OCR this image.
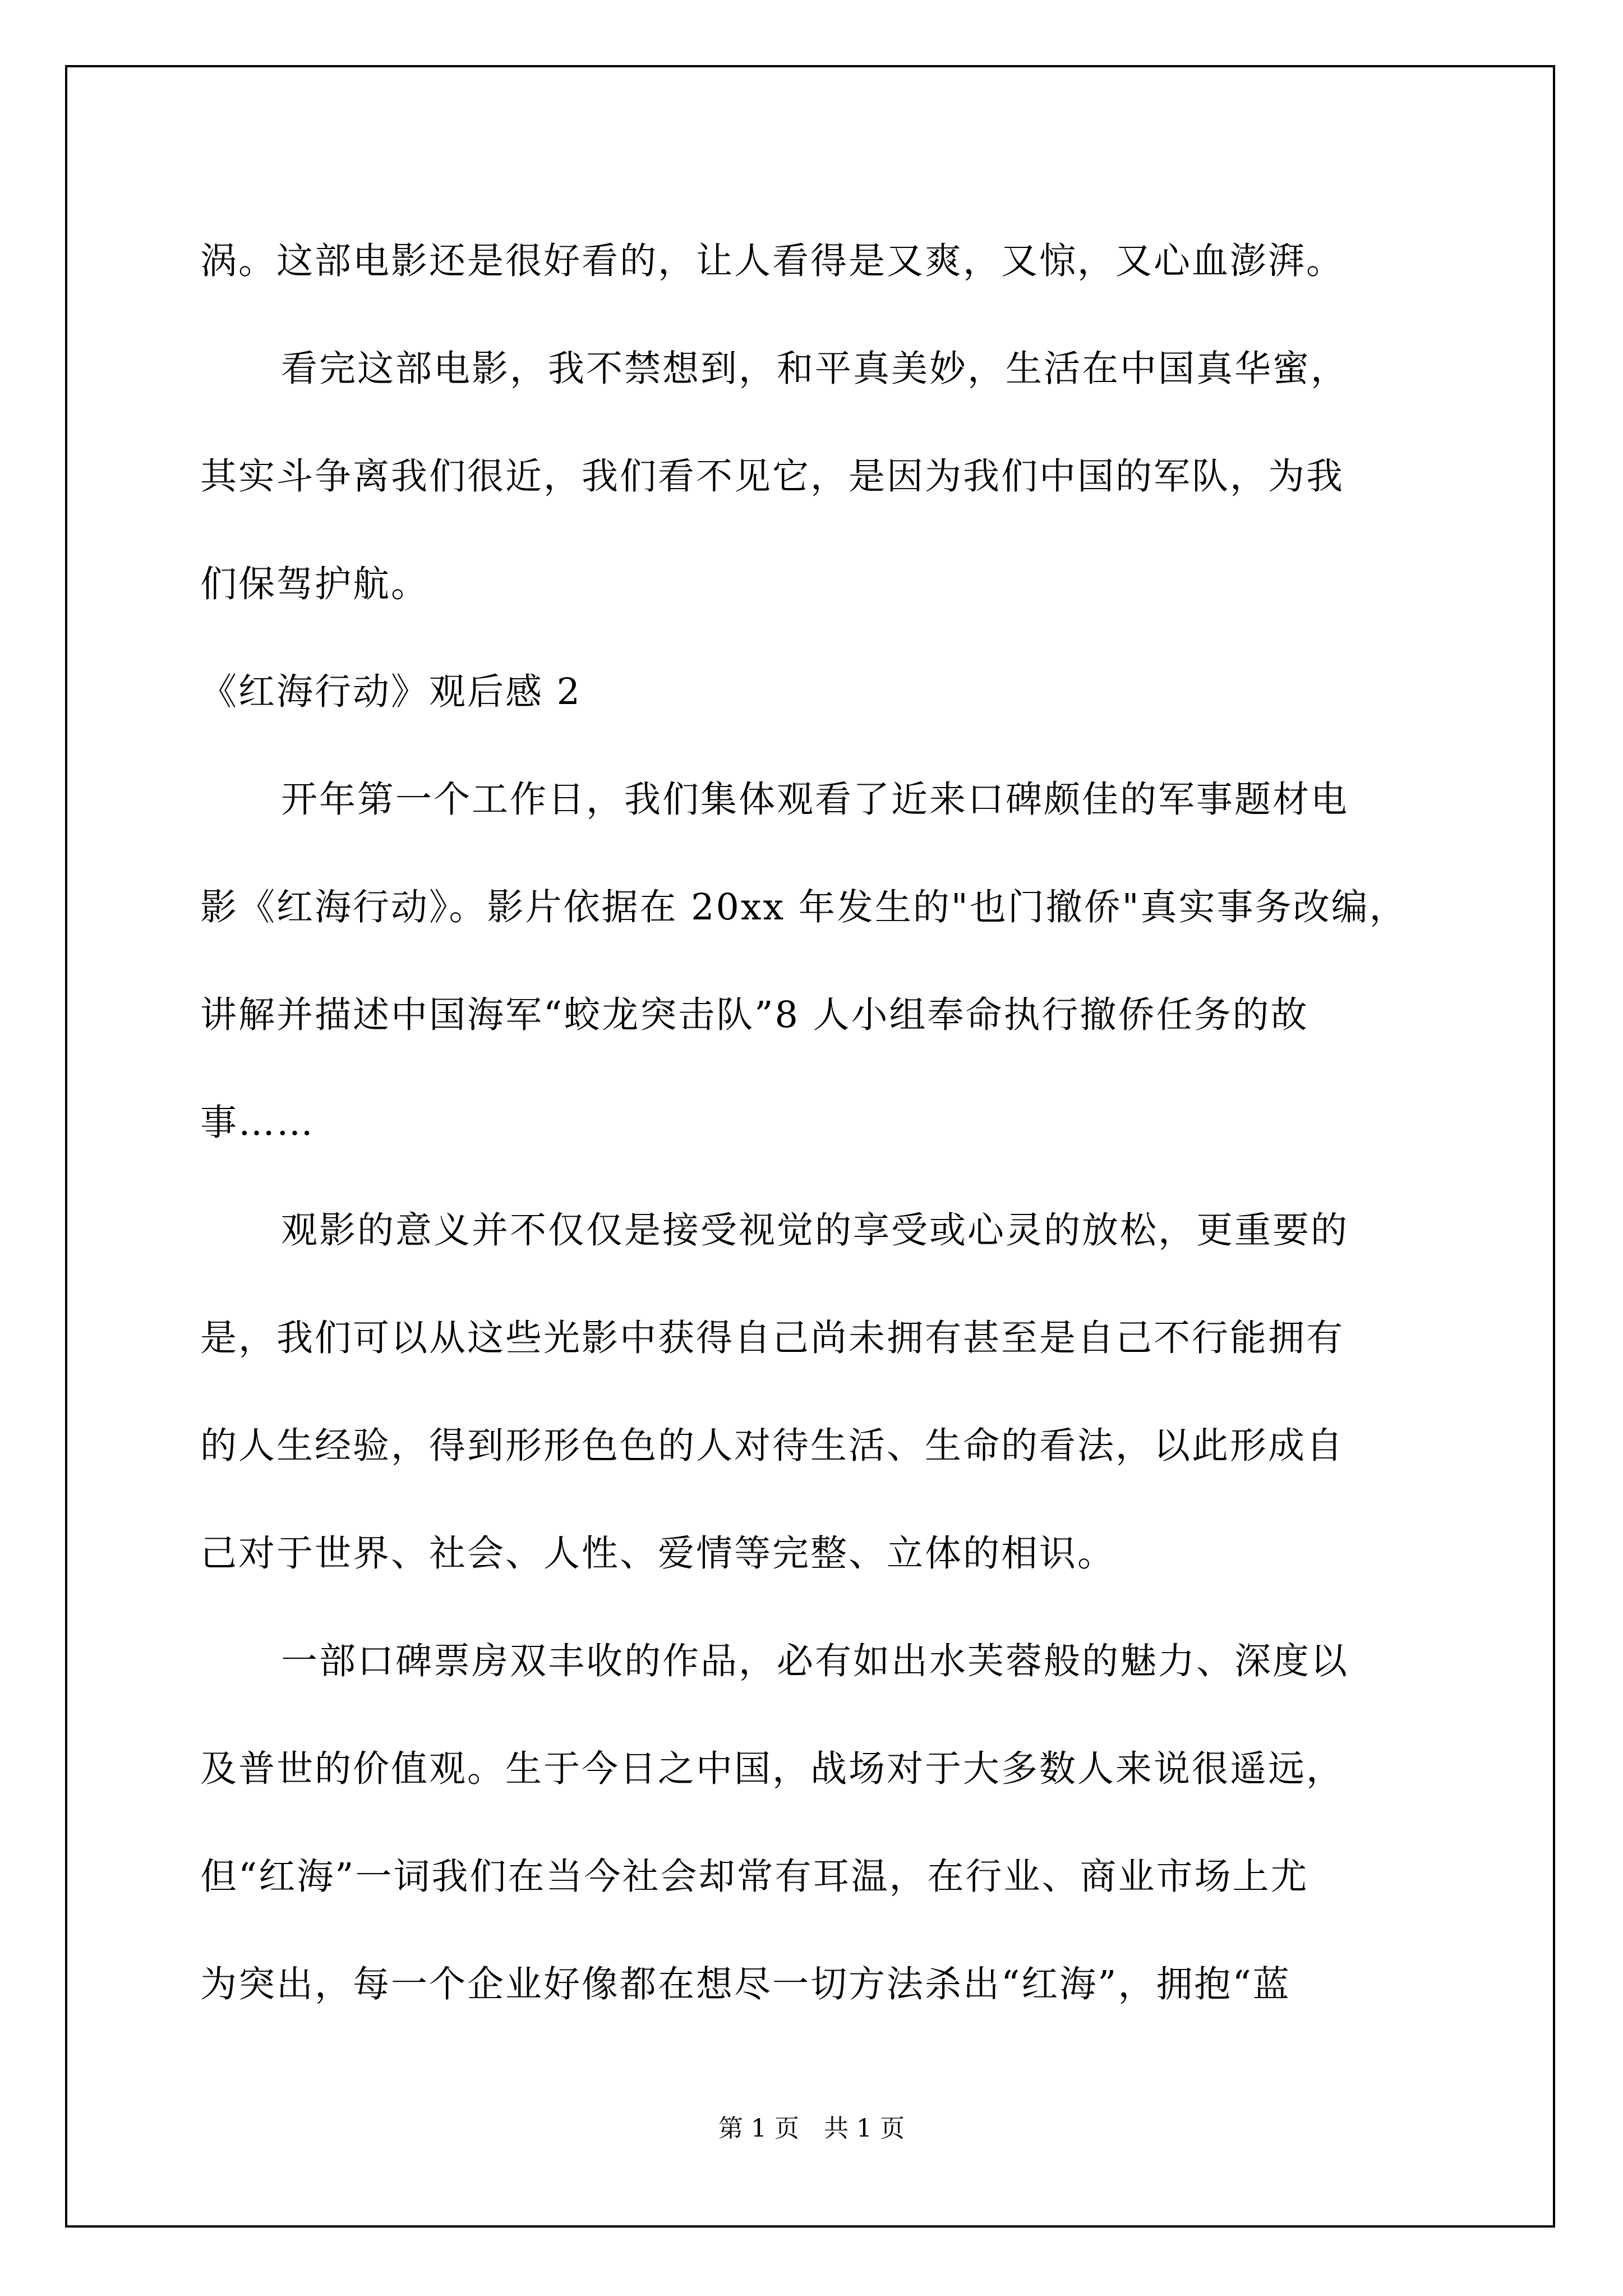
涡。这部电影还是很好看的，让人看得是又爽，又惊，又心血澎湃。
看完这部电影，我不禁想到，和平真美妙，生活在中国真华蜜，
其实斗争离我们很近，我们看不见它，是因为我们中国的军队，为我
们保驾护航。
《红海行动》观后感 2
开年第一个工作日，我们集体观看了近来口碑颇佳的军事题材电
影《红海行动》。影片依据在 20xx 年发生的"也门撤侨"真实事务改编，
讲解并描述中国海军“蛟龙突击队”8 人小组奉命执行撤侨任务的故
事……
观影的意义并不仅仅是接受视觉的享受或心灵的放松，更重要的
是，我们可以从这些光影中获得自己尚未拥有甚至是自己不行能拥有
的人生经验，得到形形色色的人对待生活、生命的看法，以此形成自
己对于世界、社会、人性、爱情等完整、立体的相识。
一部口碑票房双丰收的作品，必有如出水芙蓉般的魅力、深度以
及普世的价值观。生于今日之中国，战场对于大多数人来说很遥远，
但“红海”一词我们在当今社会却常有耳温，在行业、商业市场上尤
为突出，每一个企业好像都在想尽一切方法杀出“红海”，拥抱“蓝
第 1 页　共 1 页
